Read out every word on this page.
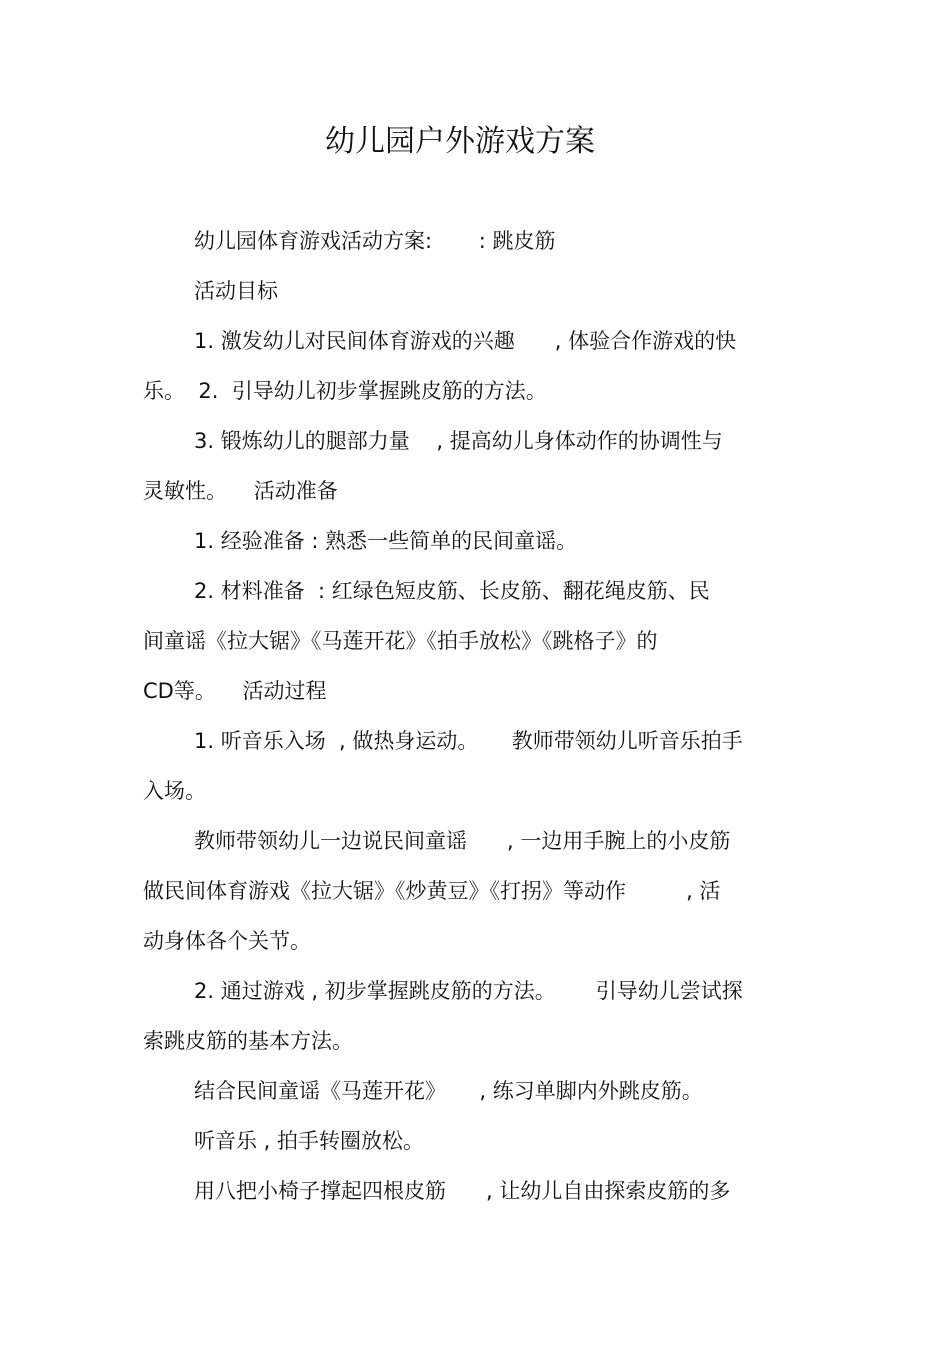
幼儿园户外游戏方案
幼儿园体育游戏活动方案:       : 跳皮筋
活动目标
1. 激发幼儿对民间体育游戏的兴趣      , 体验合作游戏的快
乐。  2.  引导幼儿初步掌握跳皮筋的方法。
3. 锻炼幼儿的腿部力量    , 提高幼儿身体动作的协调性与
灵敏性。    活动准备
1. 经验准备 : 熟悉一些简单的民间童谣。
2. 材料准备  : 红绿色短皮筋、长皮筋、翻花绳皮筋、民
间童谣《拉大锯》《马莲开花》《拍手放松》《跳格子》的
CD等。    活动过程
1. 听音乐入场  , 做热身运动。     教师带领幼儿听音乐拍手
入场。
教师带领幼儿一边说民间童谣      , 一边用手腕上的小皮筋
做民间体育游戏《拉大锯》《炒黄豆》《打拐》等动作         , 活
动身体各个关节。
2. 通过游戏 , 初步掌握跳皮筋的方法。      引导幼儿尝试探
索跳皮筋的基本方法。
结合民间童谣《马莲开花》     , 练习单脚内外跳皮筋。
听音乐 , 拍手转圈放松。
用八把小椅子撑起四根皮筋      , 让幼儿自由探索皮筋的多
